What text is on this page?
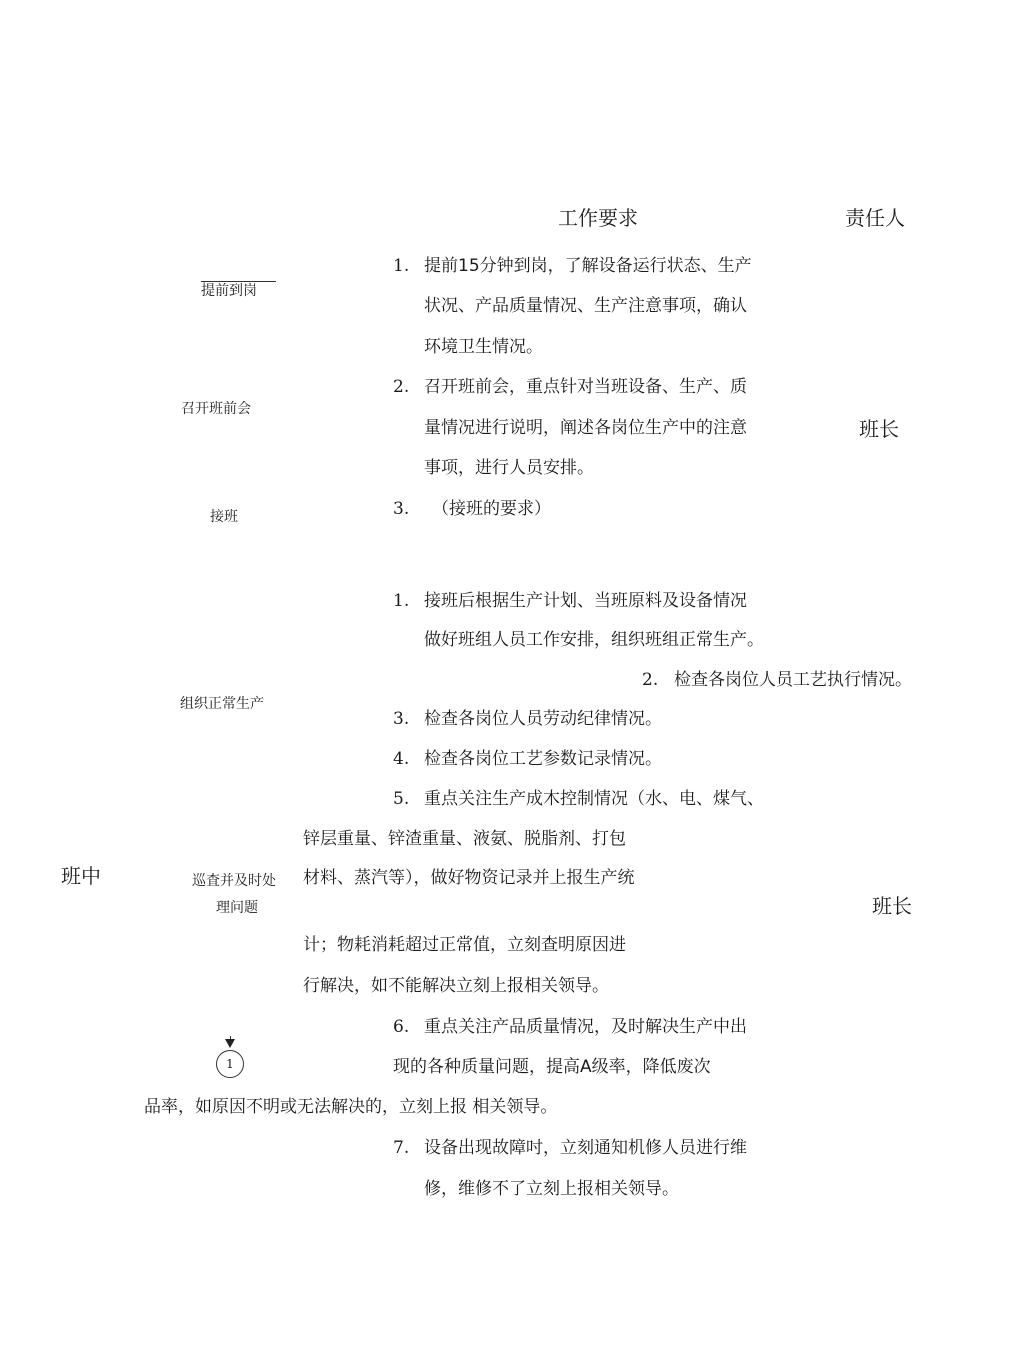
工作要求	责任人
提前到岗
召开班前会
接班
组织正常生产
巡査并及时处
理问题
班中
班长
班长
1. 提前15分钟到岗，了解设备运行状态、生产
状况、产品质量情况、生产注意事项，确认
环境卫生情况。
2. 召开班前会，重点针对当班设备、生产、质
量情况进行说明，阐述各岗位生产中的注意
事项，进行人员安排。
3. （接班的要求）
1. 接班后根据生产计划、当班原料及设备情况
做好班组人员工作安排，组织班组正常生产。
2. 检查各岗位人员工艺执行情况。
3. 检查各岗位人员劳动纪律情况。
4. 检查各岗位工艺参数记录情况。
5. 重点关注生产成木控制情况（水、电、煤气、
锌层重量、锌渣重量、液氨、脱脂剂、打包
材料、蒸汽等），做好物资记录并上报生产统
计；物耗消耗超过正常值，立刻查明原因进
行解决，如不能解决立刻上报相关领导。
6. 重点关注产品质量情况，及时解决生产中出
现的各种质量问题，提高A级率，降低废次
品率，如原因不明或无法解决的，立刻上报 相关领导。
7. 设备出现故障吋，立刻通知机修人员进行维
修，维修不了立刻上报相关领导。
1
